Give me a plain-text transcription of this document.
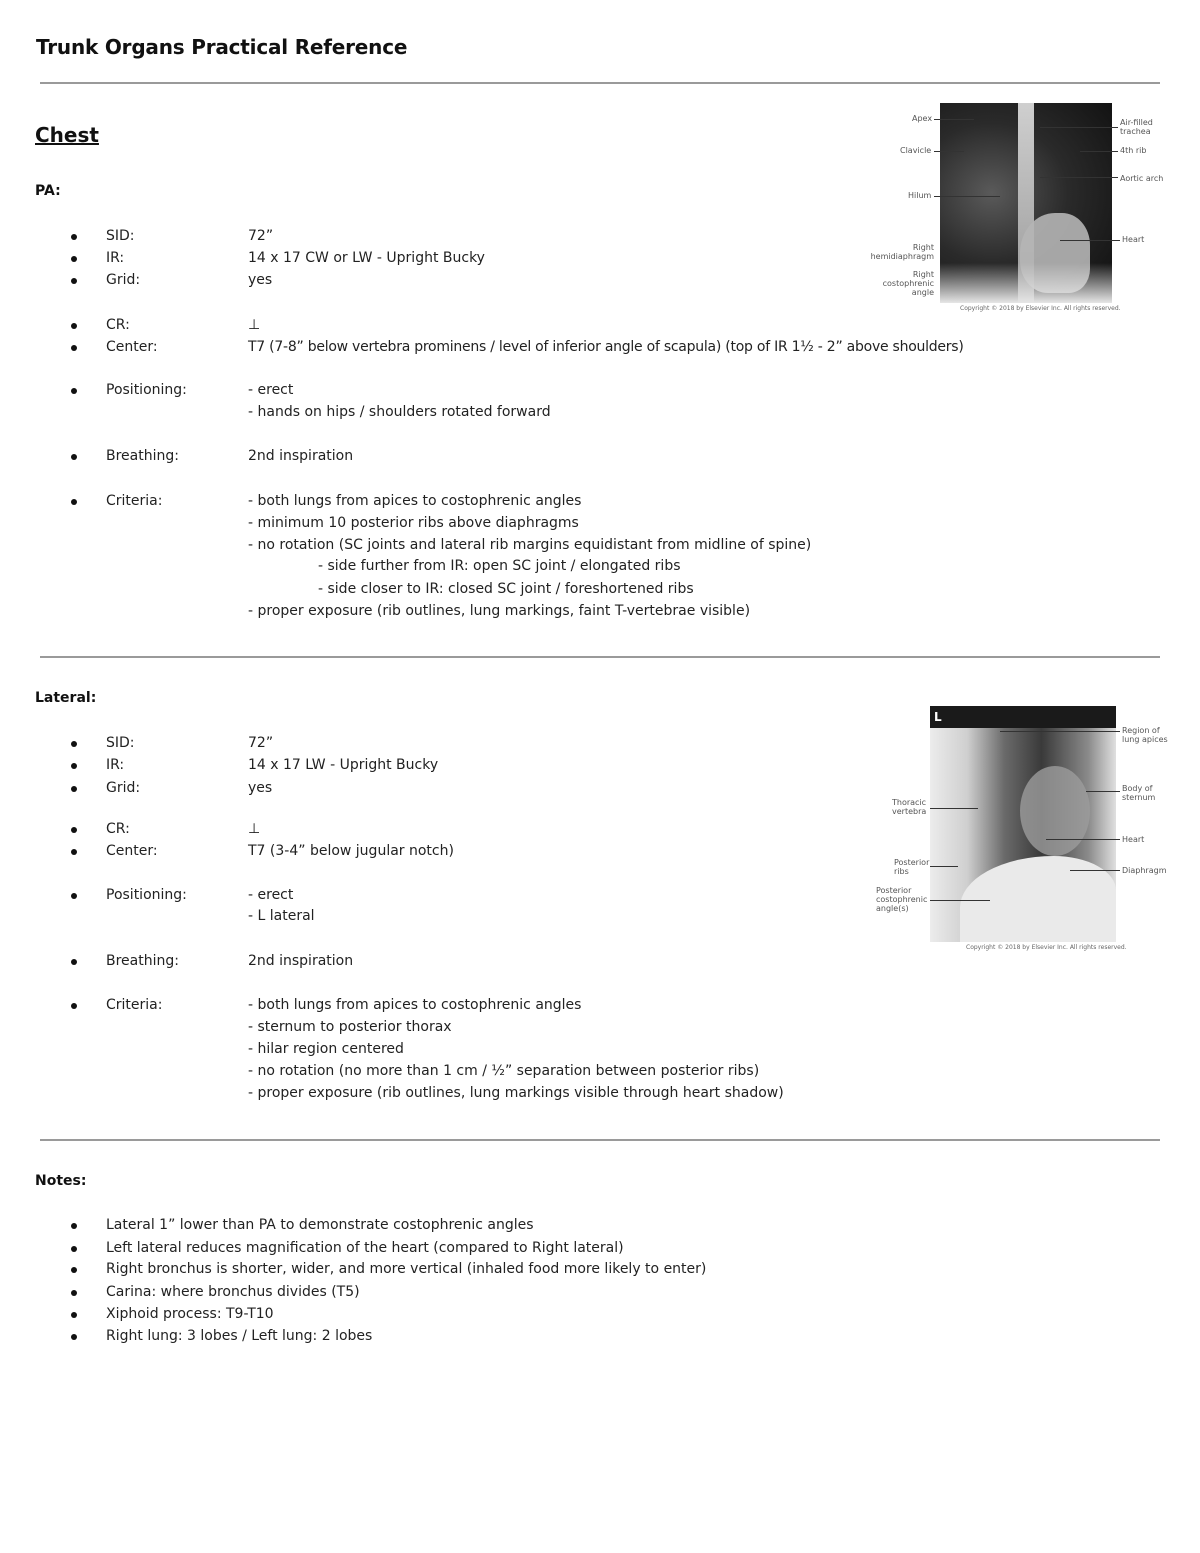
Trunk Organs Practical Reference
Chest
PA:
SID:	72”
IR:	14 x 17 CW or LW - Upright Bucky
Grid:	yes
CR:	⊥
Center:	T7 (7-8” below vertebra prominens / level of inferior angle of scapula) (top of IR 1½ - 2” above shoulders)
Positioning:	- erect
- hands on hips / shoulders rotated forward
Breathing:	2nd inspiration
Criteria:	- both lungs from apices to costophrenic angles
- minimum 10 posterior ribs above diaphragms
- no rotation (SC joints and lateral rib margins equidistant from midline of spine)
- side further from IR: open SC joint / elongated ribs
- side closer to IR: closed SC joint / foreshortened ribs
- proper exposure (rib outlines, lung markings, faint T-vertebrae visible)
Apex
Clavicle
Hilum
Right hemidiaphragm
Right costophrenic angle
Air-filled trachea
4th rib
Aortic arch
Heart
Copyright © 2018 by Elsevier Inc. All rights reserved.
Lateral:
SID:	72”
IR:	14 x 17 LW - Upright Bucky
Grid:	yes
CR:	⊥
Center:	T7 (3-4” below jugular notch)
Positioning:	- erect
- L lateral
Breathing:	2nd inspiration
Criteria:	- both lungs from apices to costophrenic angles
- sternum to posterior thorax
- hilar region centered
- no rotation (no more than 1 cm / ½” separation between posterior ribs)
- proper exposure (rib outlines, lung markings visible through heart shadow)
L
Thoracic vertebra
Posterior ribs
Posterior costophrenic angle(s)
Region of lung apices
Body of sternum
Heart
Diaphragm
Copyright © 2018 by Elsevier Inc. All rights reserved.
Notes:
Lateral 1” lower than PA to demonstrate costophrenic angles
Left lateral reduces magnification of the heart (compared to Right lateral)
Right bronchus is shorter, wider, and more vertical (inhaled food more likely to enter)
Carina: where bronchus divides (T5)
Xiphoid process: T9-T10
Right lung: 3 lobes / Left lung: 2 lobes
